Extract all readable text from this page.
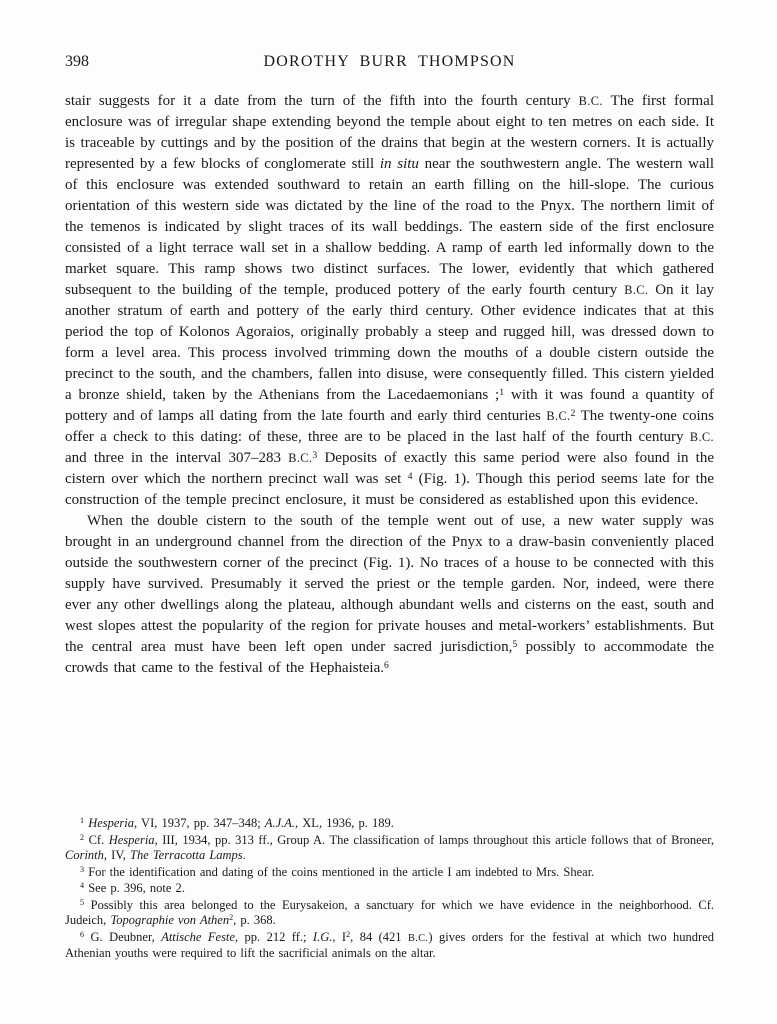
398	DOROTHY BURR THOMPSON

stair suggests for it a date from the turn of the fifth into the fourth century B.C. The first formal enclosure was of irregular shape extending beyond the temple about eight to ten metres on each side. It is traceable by cuttings and by the position of the drains that begin at the western corners. It is actually represented by a few blocks of conglomerate still in situ near the southwestern angle. The western wall of this enclosure was extended southward to retain an earth filling on the hill-slope. The curious orientation of this western side was dictated by the line of the road to the Pnyx. The northern limit of the temenos is indicated by slight traces of its wall beddings. The eastern side of the first enclosure consisted of a light terrace wall set in a shallow bedding. A ramp of earth led informally down to the market square. This ramp shows two distinct surfaces. The lower, evidently that which gathered subsequent to the building of the temple, produced pottery of the early fourth century B.C. On it lay another stratum of earth and pottery of the early third century. Other evidence indicates that at this period the top of Kolonos Agoraios, originally probably a steep and rugged hill, was dressed down to form a level area. This process involved trimming down the mouths of a double cistern outside the precinct to the south, and the chambers, fallen into disuse, were consequently filled. This cistern yielded a bronze shield, taken by the Athenians from the Lacedaemonians ;$^1$ with it was found a quantity of pottery and of lamps all dating from the late fourth and early third centuries B.C.$^2$ The twenty-one coins offer a check to this dating: of these, three are to be placed in the last half of the fourth century B.C. and three in the interval 307–283 B.C.$^3$ Deposits of exactly this same period were also found in the cistern over which the northern precinct wall was set $^4$ (Fig. 1). Though this period seems late for the construction of the temple precinct enclosure, it must be considered as established upon this evidence.

When the double cistern to the south of the temple went out of use, a new water supply was brought in an underground channel from the direction of the Pnyx to a draw-basin conveniently placed outside the southwestern corner of the precinct (Fig. 1). No traces of a house to be connected with this supply have survived. Presumably it served the priest or the temple garden. Nor, indeed, were there ever any other dwellings along the plateau, although abundant wells and cisterns on the east, south and west slopes attest the popularity of the region for private houses and metal-workers’ establishments. But the central area must have been left open under sacred jurisdiction,$^5$ possibly to accommodate the crowds that came to the festival of the Hephaisteia.$^6$

$^1$ Hesperia, VI, 1937, pp. 347–348; A.J.A., XL, 1936, p. 189.

$^2$ Cf. Hesperia, III, 1934, pp. 313 ff., Group A. The classification of lamps throughout this article follows that of Broneer, Corinth, IV, The Terracotta Lamps.

$^3$ For the identification and dating of the coins mentioned in the article I am indebted to Mrs. Shear.

$^4$ See p. 396, note 2.

$^5$ Possibly this area belonged to the Eurysakeion, a sanctuary for which we have evidence in the neighborhood. Cf. Judeich, Topographie von Athen$^2$, p. 368.

$^6$ G. Deubner, Attische Feste, pp. 212 ff.; I.G., $I^2$, 84 (421 B.C.) gives orders for the festival at which two hundred Athenian youths were required to lift the sacrificial animals on the altar.
